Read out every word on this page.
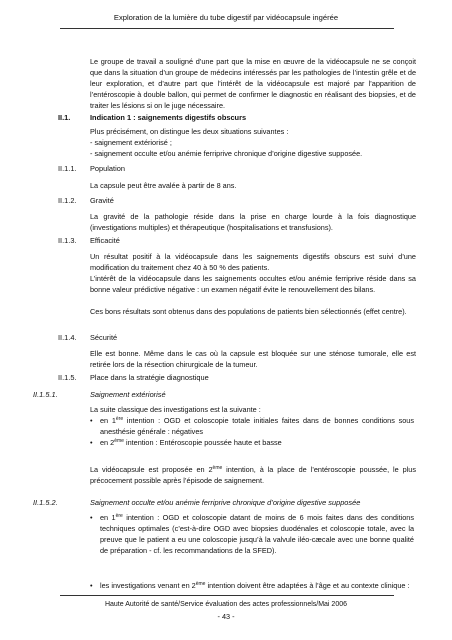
Exploration de la lumière du tube digestif par vidéocapsule ingérée

Le groupe de travail a souligné d’une part que la mise en œuvre de la vidéocapsule ne se conçoit que dans la situation d’un groupe de médecins intéressés par les pathologies de l’intestin grêle et de leur exploration, et d’autre part que l’intérêt de la vidéocapsule est majoré par l’apparition de l’entéroscopie à double ballon, qui permet de confirmer le diagnostic en réalisant des biopsies, et de traiter les lésions si on le juge nécessaire.

II.1.	Indication 1 : saignements digestifs obscurs

Plus précisément, on distingue les deux situations suivantes :

- saignement extériorisé ;

- saignement occulte et/ou anémie ferriprive chronique d’origine digestive supposée.

II.1.1. Population

La capsule peut être avalée à partir de 8 ans.

II.1.2. Gravité

La gravité de la pathologie réside dans la prise en charge lourde à la fois diagnostique (investigations multiples) et thérapeutique (hospitalisations et transfusions).

II.1.3. Efficacité

Un résultat positif à la vidéocapsule dans les saignements digestifs obscurs est suivi d’une modification du traitement chez 40 à 50 % des patients.

L’intérêt de la vidéocapsule dans les saignements occultes et/ou anémie ferriprive réside dans sa bonne valeur prédictive négative : un examen négatif évite le renouvellement des bilans.

Ces bons résultats sont obtenus dans des populations de patients bien sélectionnés (effet centre).

II.1.4. Sécurité

Elle est bonne. Même dans le cas où la capsule est bloquée sur une sténose tumorale, elle est retirée lors de la résection chirurgicale de la tumeur.

II.1.5. Place dans la stratégie diagnostique
II.1.5.1.	Saignement extériorisé

La suite classique des investigations est la suivante :

• en 1ère intention : OGD et coloscopie totale initiales faites dans de bonnes conditions sous anesthésie générale : négatives
• en 2ème intention : Entéroscopie poussée haute et basse

La vidéocapsule est proposée en 2ème intention, à la place de l’entéroscopie poussée, le plus précocement possible après l’épisode de saignement.

II.1.5.2.	Saignement occulte et/ou anémie ferriprive chronique d’origine digestive supposée
• en 1ère intention : OGD et coloscopie datant de moins de 6 mois faites dans des conditions techniques optimales (c’est-à-dire OGD avec biopsies duodénales et coloscopie totale, avec la preuve que le patient a eu une coloscopie jusqu’à la valvule iléo-cæcale avec une bonne qualité de préparation - cf. les recommandations de la SFED).
• les investigations venant en 2ème intention doivent être adaptées à l’âge et au contexte clinique :
Haute Autorité de santé/Service évaluation des actes professionnels/Mai 2006
- 43 -
